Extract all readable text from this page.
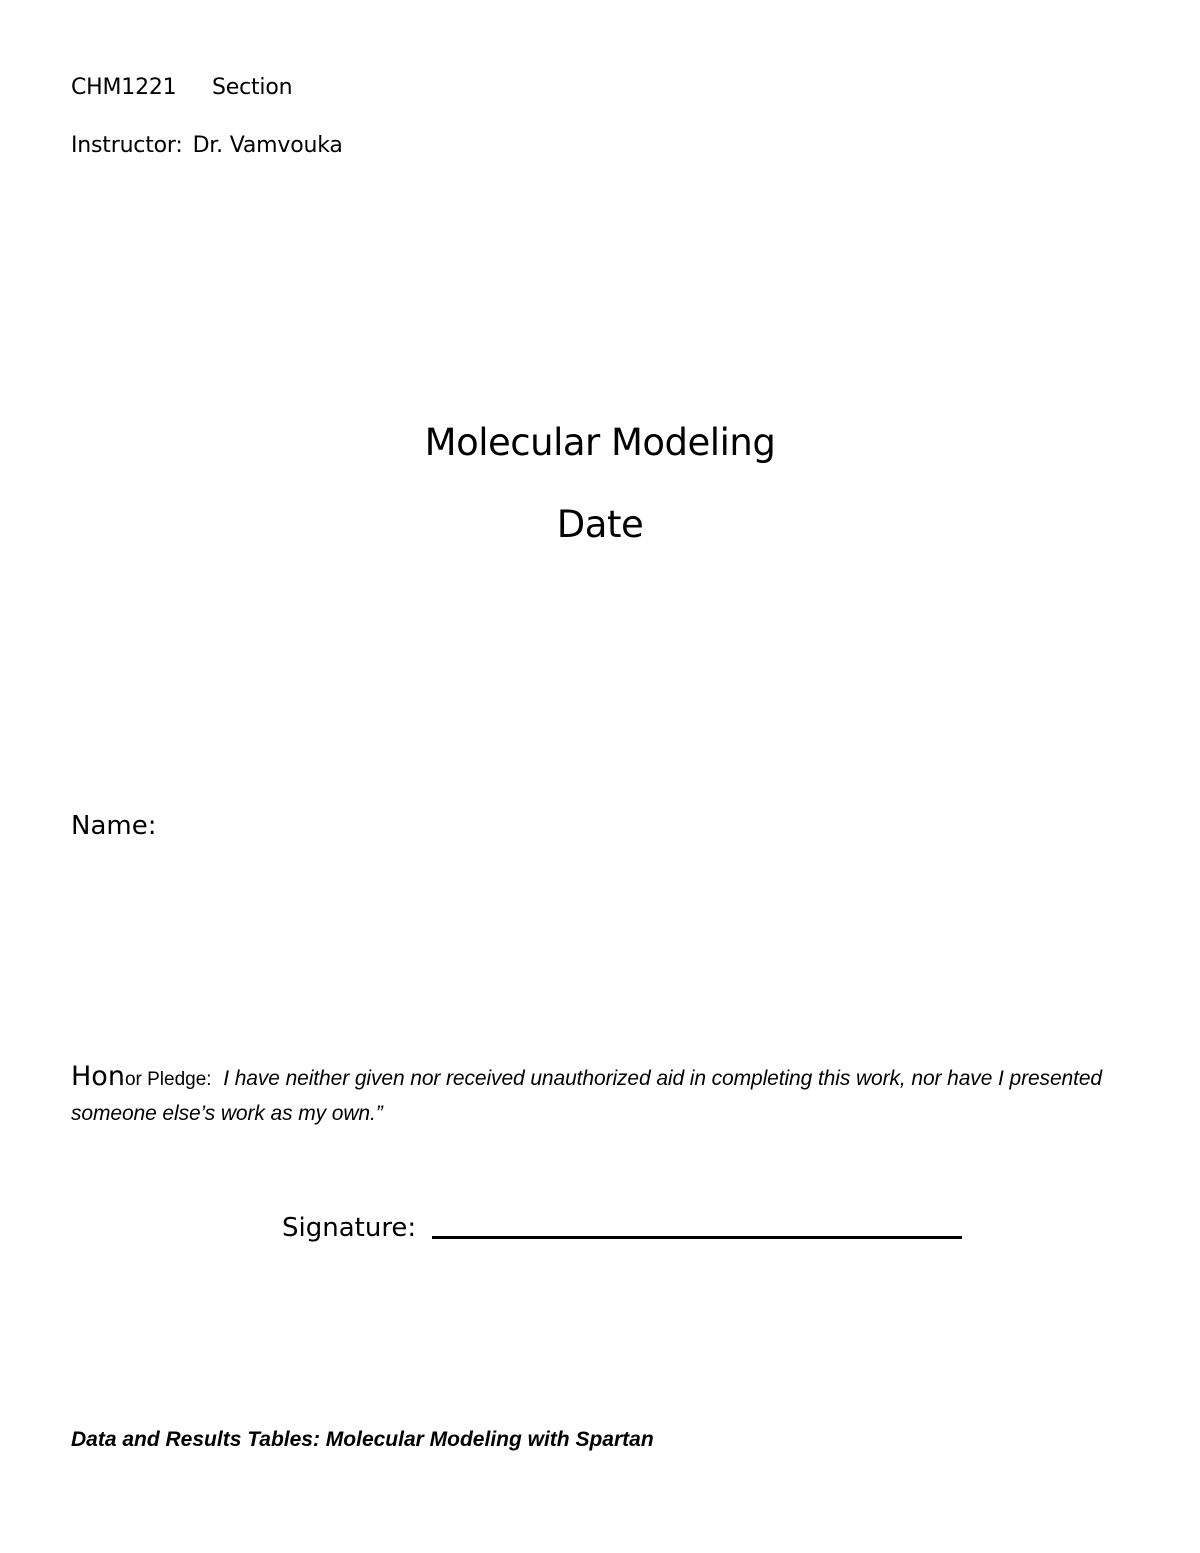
CHM1221 Section
Instructor: Dr. Vamvouka
Molecular Modeling
Date
Name:
Honor Pledge: I have neither given nor received unauthorized aid in completing this work, nor have I presented someone else’s work as my own.”
Signature:
Data and Results Tables: Molecular Modeling with Spartan
